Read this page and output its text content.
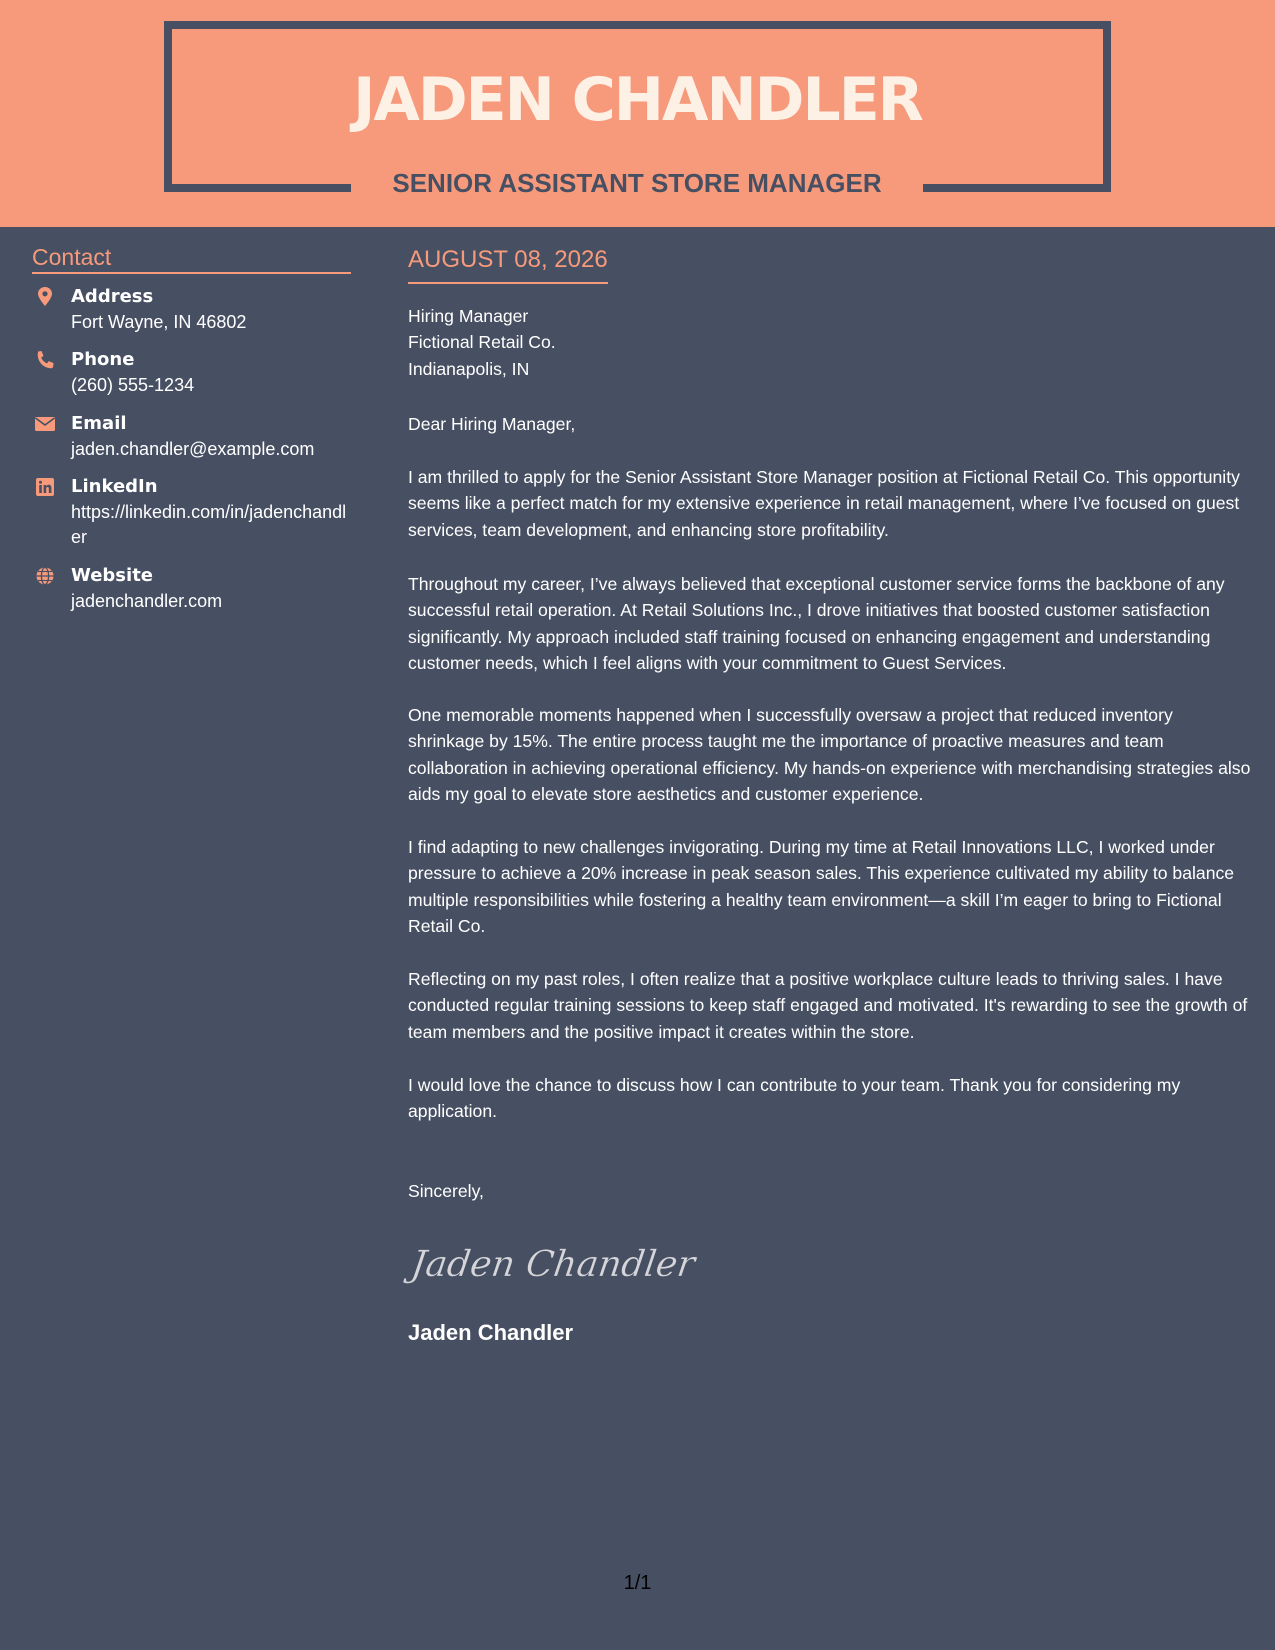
JADEN CHANDLER
SENIOR ASSISTANT STORE MANAGER
Contact
Address
Fort Wayne, IN 46802
Phone
(260) 555-1234
Email
jaden.chandler@example.com
LinkedIn
https://linkedin.com/in/jadenchandler
Website
jadenchandler.com
AUGUST 08, 2026
Hiring Manager
Fictional Retail Co.
Indianapolis, IN
Dear Hiring Manager,
I am thrilled to apply for the Senior Assistant Store Manager position at Fictional Retail Co. This opportunity seems like a perfect match for my extensive experience in retail management, where I’ve focused on guest services, team development, and enhancing store profitability.
Throughout my career, I’ve always believed that exceptional customer service forms the backbone of any successful retail operation. At Retail Solutions Inc., I drove initiatives that boosted customer satisfaction significantly. My approach included staff training focused on enhancing engagement and understanding customer needs, which I feel aligns with your commitment to Guest Services.
One memorable moments happened when I successfully oversaw a project that reduced inventory shrinkage by 15%. The entire process taught me the importance of proactive measures and team collaboration in achieving operational efficiency. My hands-on experience with merchandising strategies also aids my goal to elevate store aesthetics and customer experience.
I find adapting to new challenges invigorating. During my time at Retail Innovations LLC, I worked under pressure to achieve a 20% increase in peak season sales. This experience cultivated my ability to balance multiple responsibilities while fostering a healthy team environment—a skill I’m eager to bring to Fictional Retail Co.
Reflecting on my past roles, I often realize that a positive workplace culture leads to thriving sales. I have conducted regular training sessions to keep staff engaged and motivated. It's rewarding to see the growth of team members and the positive impact it creates within the store.
I would love the chance to discuss how I can contribute to your team. Thank you for considering my application.
Sincerely,
Jaden Chandler
Jaden Chandler
1/1
